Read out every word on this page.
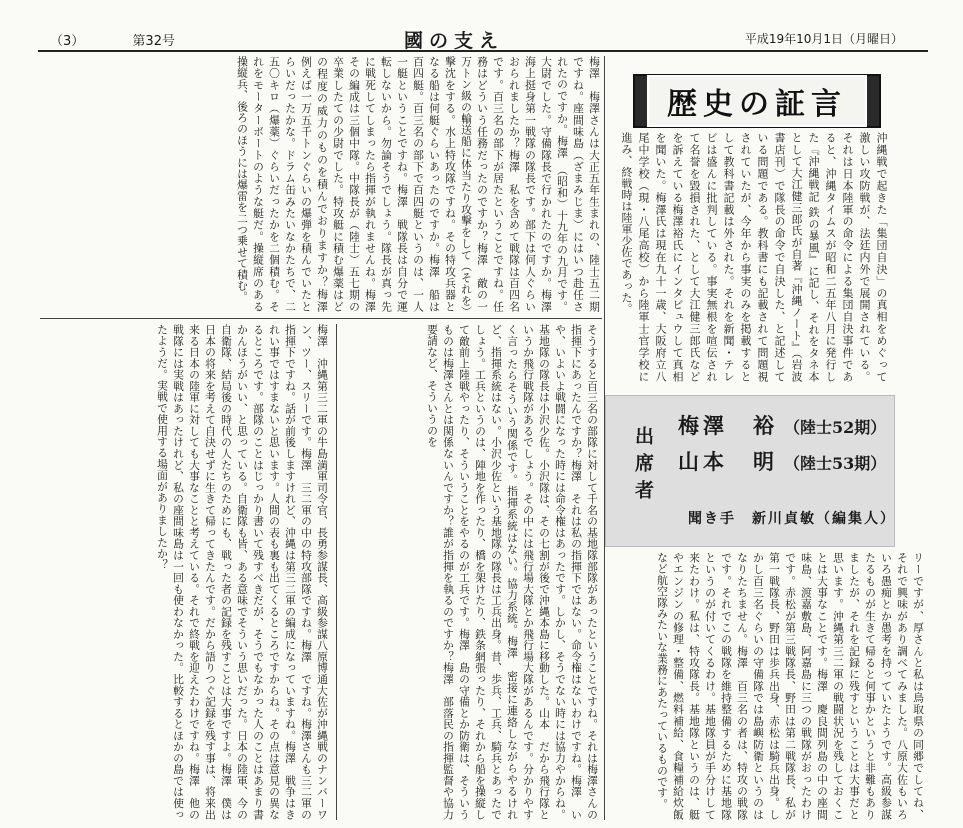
（3）	第32号	國の支え	平成19年10月1日（月曜日）
歴史の証言
沖縄戦で起きた「集団自決」の真相をめぐって激しい攻防戦が、法廷内外で展開されている。それは日本陸軍の命令による集団自決事件であると、沖縄タイムスが昭和二五年八月に発行した『沖縄戦記 鉄の暴風』に記し、それをタネ本として大江健三郎氏が自著『沖縄ノート』（岩波書店刊）で隊長の命令で自決した、と記述している問題である。教科書にも記載されて問題視されていたが、今年から事実のみを掲載するとして教科書記載は外された。それを新聞・テレビは盛んに批判している。事実無根を喧伝されて名誉を毀損された、として大江健三郎氏などを訴えている梅澤裕氏にインタビュウして真相を聞いた。梅澤氏は現在九十一歳、大阪府立八尾中学校（現・八尾高校）から陸軍士官学校に進み、終戦時は陸軍少佐であった。
出席者
梅澤　裕 （陸士52期）
山本　明 （陸士53期）
聞き手　新川貞敏（編集人）
梅澤　梅澤さんは大正五年生まれの、陸士五二期ですね。座間味島（ざまみじま）にはいつ赴任されたのですか。梅澤　（昭和）十九年の九月です。大尉でした。守備隊長で行かれたのですか。梅澤　海上挺身第一戦隊の隊長です。部下は何人ぐらいおられましたか？梅澤　私を含めて戦隊は百四名です。百三名の部下が居たということですね。任務はどういう任務だったのですか？梅澤　敵の一万トン級の輸送船に体当たり攻撃をして（それを）撃沈をする。水上特攻隊ですね。その特攻兵器となる船は何艇ぐらいあったのですか。梅澤　船は百四艇。百三名の部下で百四艇というのは、一人一艇ということですね。梅澤　戦隊長は自分で運転しないから。勿論そうでしょう。隊長が真っ先に戦死してしまったら指揮が執れませんね。梅澤　その編成は三個中隊。中隊長が（陸士）五七期の卒業したての少尉でした。特攻艇に積む爆薬はどの程度の威力のものを積んでおりますか？梅澤　例えば一万五千トンぐらいの爆弾を積んでいたとらいだったかな。ドラム缶みたいなかたちで、二五〇キロ（爆薬）ぐらいだったかを二個積む。それをモーターボートのような艇だ。操縦席のある操縦兵、後ろのほうには爆雷を二つ乗せて積む。
梅澤　沖縄第三二軍の牛島満軍司令官、長勇参謀長、高級参謀八原博通大佐が沖縄戦のナンバーワン、ツー、スリーです。梅澤　三二軍の中の特攻部隊ですね。梅澤　ですね。梅澤さんも三二軍の指揮下ですね。話が前後しますけれど、沖縄は第三二軍の編成になっていますね。梅澤　戦争はきれい事ではすまないと思います。人間の表も裏も出てくるところですからね。その点は意見の異なるところです。部隊のことはじっかり書いて残すべきだが、そうでもなかった人のことはあまり書かんほうがいい、と思っている。自衛隊も皆、ある意味でそういう思いだった。日本の陸軍、今の自衛隊、結局後の時代の人たちのためにも、戦った者の記録を残すことは大事ですよ。梅澤　僕は日本の将来を考えて自決せずに生きて帰ってきたんです。だから語りつぐ記録を残す事は、将来出来る日本の陸軍に対しても大事なことと考えている。それで終戦を迎えたわけですね。梅澤　他の戦隊には実戦はあったけれど、私の座間味島は一回も使わなかった。比較するとほかの島では使ったようだ。実戦で使用する場面がありましたか？	そうすると百三名の部隊に対して千名の基地隊部隊があったということですね。それは梅澤さんの指揮下にあったんですか？梅澤　それは私の指揮下ではない。命令権はないわけですね。梅澤　いや、いよいよ戦闘になった時には命令権はあったです。しかし、そうでない時には協力やからね。基地隊の隊長は小沢少佐。小沢隊は、その七割が後で沖縄本島に移動した。山本　だから飛行隊というか飛行戦隊があるでしょう。その中には飛行場大隊とか飛行場大隊があるんです。分かりやすく言ったらそういう関係です。指揮系統はない。協力系統。梅澤　密接に連絡しながらやるけれど、指揮系統はない。小沢少佐という基地隊の隊長は工兵出身。昔、歩兵、工兵、騎兵とあったでしょう。工兵というのは、陣地を作ったり、橋を架けたり、鉄条網張ったり、それから船を操縦して敵前上陸戦やったり、そういうことをやるのが工兵です。梅澤　島の守備とか防衛は、そういうものは梅澤さんとは関係ないんですか？誰が指揮を執るのですか？梅澤　部落民の指揮監督や協力要請など、そういうのを
リーですが、厚さんと私は鳥取県の同郷でしてね、それで興味があり調べてみました。八原大佐もいろいろ愚痴とか愚考を持っていたようです。高級参謀たるものが生きて帰ると何事かというと非難もありましたが、それを記録に残すということは大事だと思います。沖縄第三二軍の戦闘状況を残しておくことは大事なことです。梅澤　慶良間列島の中の座間味島、渡嘉敷島、阿嘉島に三つの戦隊がおったわけです。赤松が第三戦隊長、野田は第二戦隊長、私が第一戦隊長、野田は歩兵出身、赤松は騎兵出身。しかし百三名ぐらいの守備隊では島嶼防衛というのはなりたちません。梅澤　百三名の者は、特攻の戦隊です。それでこの戦隊を維持整備するために基地隊というのが付いてくるわけ。基地隊員が手分けして来たわけ。私は、特攻隊長。基地隊というのは、艇やエンジンの修理・整備、燃料補給、食糧補給炊飯など航空隊みたいな業務にあたっているものです。
